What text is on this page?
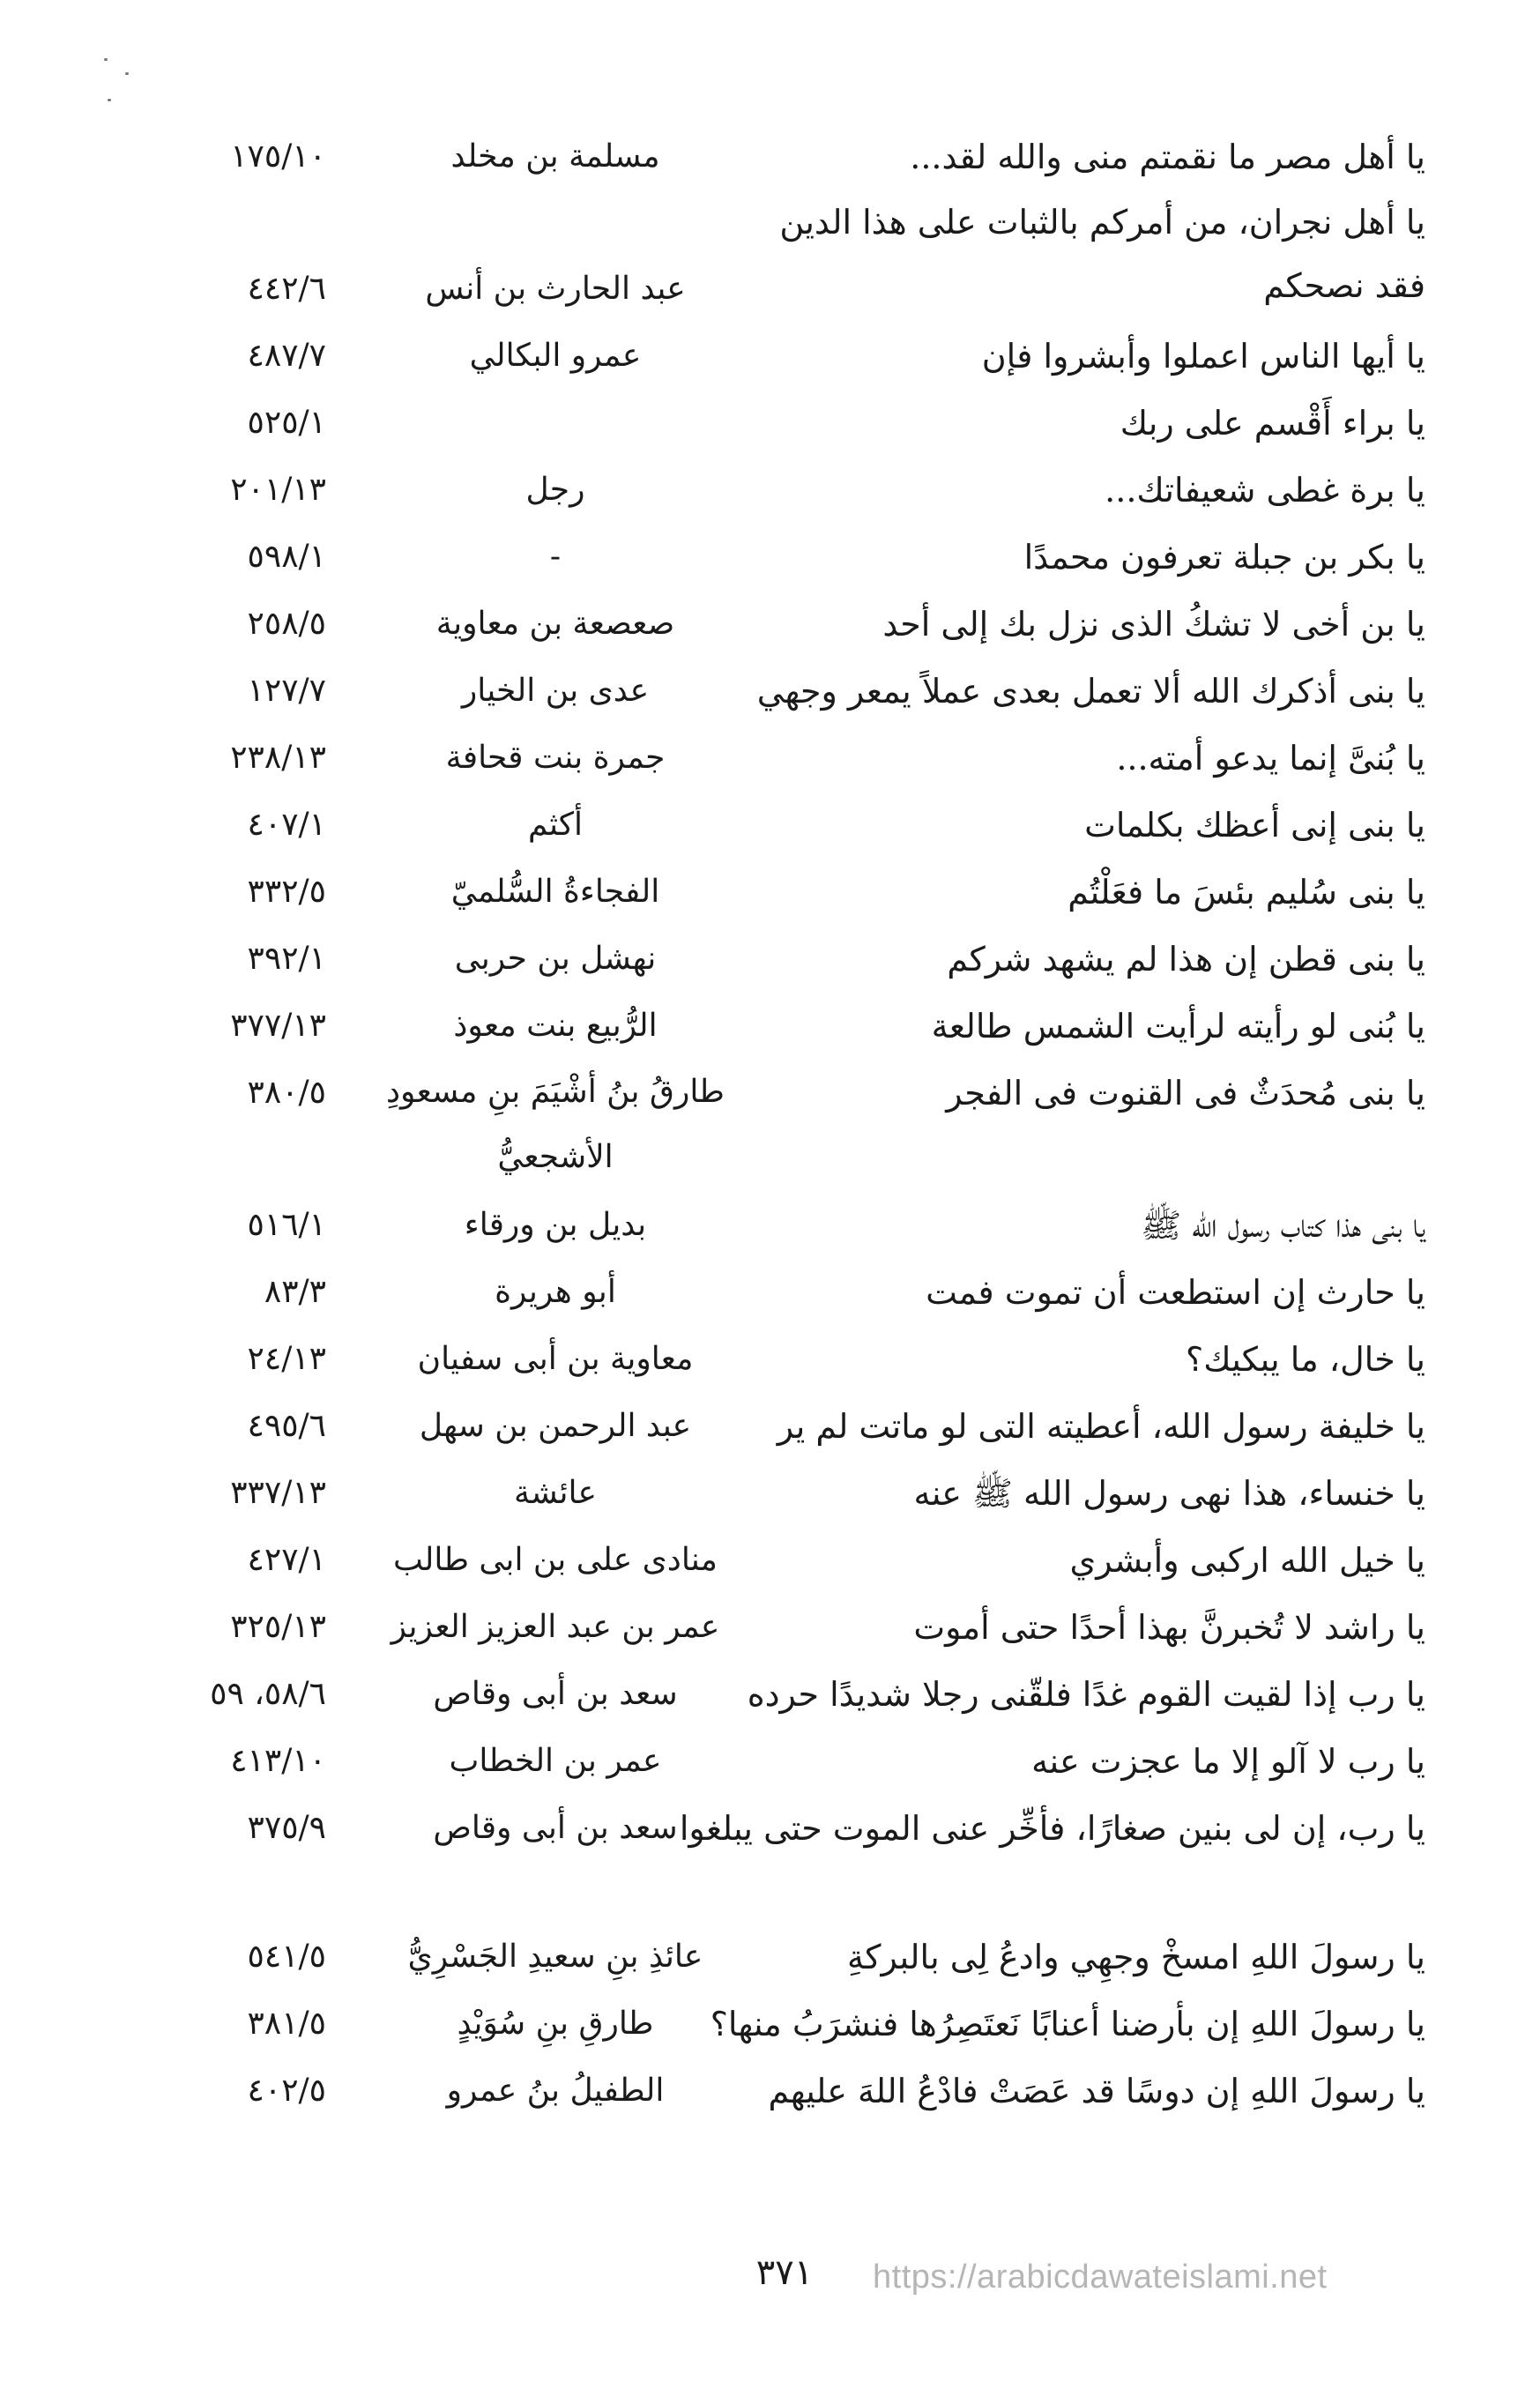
يا أهل مصر ما نقمتم منى والله لقد...
مسلمة بن مخلد
١٧٥/١٠
يا أهل نجران، من أمركم بالثبات على هذا الدين فقد نصحكم
عبد الحارث بن أنس
٤٤٢/٦
يا أيها الناس اعملوا وأبشروا فإن
عمرو البكالي
٤٨٧/٧
يا براء أَقْسم على ربك
٥٢٥/١
يا برة غطى شعيفاتك...
رجل
٢٠١/١٣
يا بكر بن جبلة تعرفون محمدًا
-
٥٩٨/١
يا بن أخى لا تشكُ الذى نزل بك إلى أحد
صعصعة بن معاوية
٢٥٨/٥
يا بنى أذكرك الله ألا تعمل بعدى عملاً يمعر وجهي
عدى بن الخيار
١٢٧/٧
يا بُنىَّ إنما يدعو أمته...
جمرة بنت قحافة
٢٣٨/١٣
يا بنى إنى أعظك بكلمات
أكثم
٤٠٧/١
يا بنى سُليم بئسَ ما فعَلْتُم
الفجاءةُ السُّلميّ
٣٣٢/٥
يا بنى قطن إن هذا لم يشهد شركم
نهشل بن حربى
٣٩٢/١
يا بُنى لو رأيته لرأيت الشمس طالعة
الرُّبيع بنت معوذ
٣٧٧/١٣
يا بنى مُحدَثٌ فى القنوت فى الفجر
طارقُ بنُ أشْيَمَ بنِ مسعودِ الأشجعيُّ
٣٨٠/٥
يا بنى هذا كتاب رسول الله ﷺ
بديل بن ورقاء
٥١٦/١
يا حارث إن استطعت أن تموت فمت
أبو هريرة
٨٣/٣
يا خال، ما يبكيك؟
معاوية بن أبى سفيان
٢٤/١٣
يا خليفة رسول الله، أعطيته التى لو ماتت لم ير
عبد الرحمن بن سهل
٤٩٥/٦
يا خنساء، هذا نهى رسول الله ﷺ عنه
عائشة
٣٣٧/١٣
يا خيل الله اركبى وأبشري
منادى على بن ابى طالب
٤٢٧/١
يا راشد لا تُخبرنَّ بهذا أحدًا حتى أموت
عمر بن عبد العزيز العزيز
٣٢٥/١٣
يا رب إذا لقيت القوم غدًا فلقّنى رجلا شديدًا حرده
سعد بن أبى وقاص
٥٨/٦، ٥٩
يا رب لا آلو إلا ما عجزت عنه
عمر بن الخطاب
٤١٣/١٠
يا رب، إن لى بنين صغارًا، فأخِّر عنى الموت حتى يبلغوا
سعد بن أبى وقاص
٣٧٥/٩
يا رسولَ اللهِ امسخْ وجهِي وادعُ لِى بالبركةِ
عائذِ بنِ سعيدِ الجَسْرِيُّ
٥٤١/٥
يا رسولَ اللهِ إن بأرضنا أعنابًا نَعتَصِرُها فنشرَبُ منها؟
طارقِ بنِ سُوَيْدٍ
٣٨١/٥
يا رسولَ اللهِ إن دوسًا قد عَصَتْ فادْعُ اللهَ عليهم
الطفيلُ بنُ عمرو
٤٠٢/٥
٣٧١	https://arabicdawateislami.net
